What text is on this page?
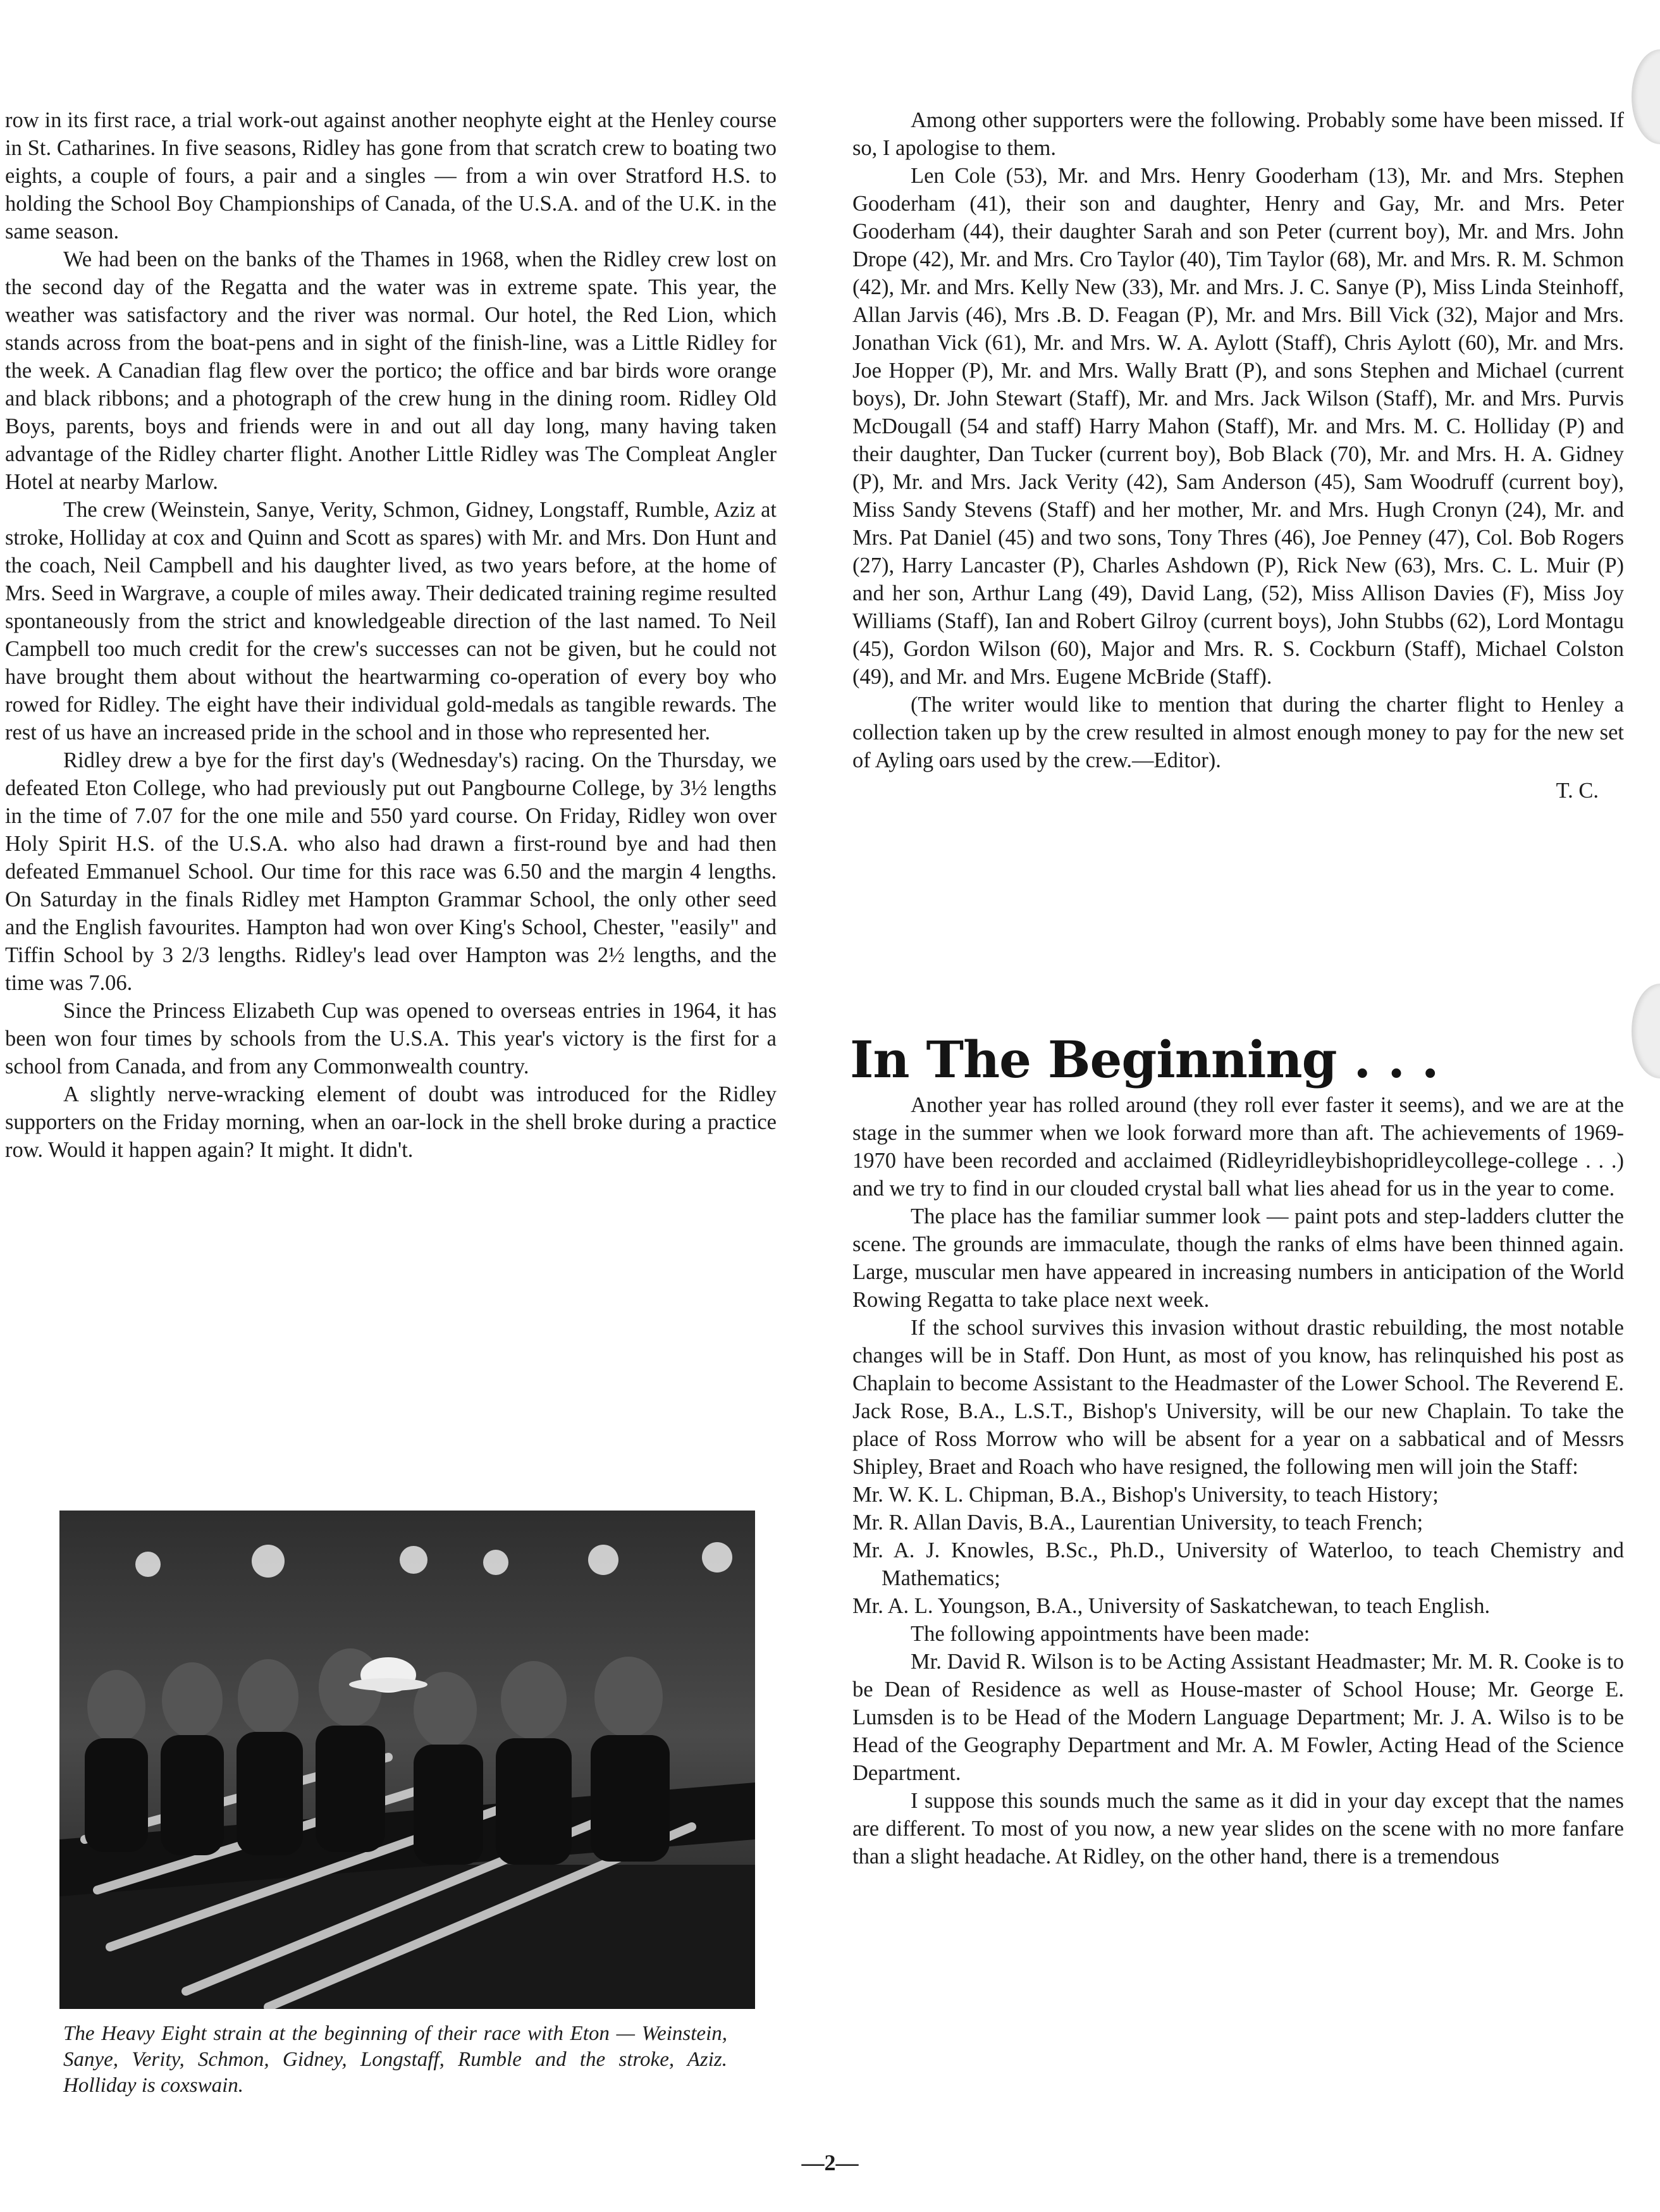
row in its first race, a trial work-out against another neophyte eight at the Henley course in St. Catharines. In five seasons, Ridley has gone from that scratch crew to boating two eights, a couple of fours, a pair and a singles — from a win over Stratford H.S. to holding the School Boy Championships of Canada, of the U.S.A. and of the U.K. in the same season.

We had been on the banks of the Thames in 1968, when the Ridley crew lost on the second day of the Regatta and the water was in extreme spate. This year, the weather was satisfactory and the river was normal. Our hotel, the Red Lion, which stands across from the boat-pens and in sight of the finish-line, was a Little Ridley for the week. A Canadian flag flew over the portico; the office and bar birds wore orange and black ribbons; and a photograph of the crew hung in the dining room. Ridley Old Boys, parents, boys and friends were in and out all day long, many having taken advantage of the Ridley charter flight. Another Little Ridley was The Compleat Angler Hotel at nearby Marlow.

The crew (Weinstein, Sanye, Verity, Schmon, Gidney, Longstaff, Rumble, Aziz at stroke, Holliday at cox and Quinn and Scott as spares) with Mr. and Mrs. Don Hunt and the coach, Neil Campbell and his daughter lived, as two years before, at the home of Mrs. Seed in Wargrave, a couple of miles away. Their dedicated training regime resulted spontaneously from the strict and knowledgeable direction of the last named. To Neil Campbell too much credit for the crew's successes can not be given, but he could not have brought them about without the heartwarming co-operation of every boy who rowed for Ridley. The eight have their individual gold-medals as tangible rewards. The rest of us have an increased pride in the school and in those who represented her.

Ridley drew a bye for the first day's (Wednesday's) racing. On the Thursday, we defeated Eton College, who had previously put out Pangbourne College, by 3½ lengths in the time of 7.07 for the one mile and 550 yard course. On Friday, Ridley won over Holy Spirit H.S. of the U.S.A. who also had drawn a first-round bye and had then defeated Emmanuel School. Our time for this race was 6.50 and the margin 4 lengths. On Saturday in the finals Ridley met Hampton Grammar School, the only other seed and the English favourites. Hampton had won over King's School, Chester, "easily" and Tiffin School by 3 2/3 lengths. Ridley's lead over Hampton was 2½ lengths, and the time was 7.06.

Since the Princess Elizabeth Cup was opened to overseas entries in 1964, it has been won four times by schools from the U.S.A. This year's victory is the first for a school from Canada, and from any Commonwealth country.

A slightly nerve-wracking element of doubt was introduced for the Ridley supporters on the Friday morning, when an oar-lock in the shell broke during a practice row. Would it happen again? It might. It didn't.

The Heavy Eight strain at the beginning of their race with Eton — Weinstein, Sanye, Verity, Schmon, Gidney, Longstaff, Rumble and the stroke, Aziz. Holliday is coxswain.

Among other supporters were the following. Probably some have been missed. If so, I apologise to them.

Len Cole (53), Mr. and Mrs. Henry Gooderham (13), Mr. and Mrs. Stephen Gooderham (41), their son and daughter, Henry and Gay, Mr. and Mrs. Peter Gooderham (44), their daughter Sarah and son Peter (current boy), Mr. and Mrs. John Drope (42), Mr. and Mrs. Cro Taylor (40), Tim Taylor (68), Mr. and Mrs. R. M. Schmon (42), Mr. and Mrs. Kelly New (33), Mr. and Mrs. J. C. Sanye (P), Miss Linda Steinhoff, Allan Jarvis (46), Mrs .B. D. Feagan (P), Mr. and Mrs. Bill Vick (32), Major and Mrs. Jonathan Vick (61), Mr. and Mrs. W. A. Aylott (Staff), Chris Aylott (60), Mr. and Mrs. Joe Hopper (P), Mr. and Mrs. Wally Bratt (P), and sons Stephen and Michael (current boys), Dr. John Stewart (Staff), Mr. and Mrs. Jack Wilson (Staff), Mr. and Mrs. Purvis McDougall (54 and staff) Harry Mahon (Staff), Mr. and Mrs. M. C. Holliday (P) and their daughter, Dan Tucker (current boy), Bob Black (70), Mr. and Mrs. H. A. Gidney (P), Mr. and Mrs. Jack Verity (42), Sam Anderson (45), Sam Woodruff (current boy), Miss Sandy Stevens (Staff) and her mother, Mr. and Mrs. Hugh Cronyn (24), Mr. and Mrs. Pat Daniel (45) and two sons, Tony Thres (46), Joe Penney (47), Col. Bob Rogers (27), Harry Lancaster (P), Charles Ashdown (P), Rick New (63), Mrs. C. L. Muir (P) and her son, Arthur Lang (49), David Lang, (52), Miss Allison Davies (F), Miss Joy Williams (Staff), Ian and Robert Gilroy (current boys), John Stubbs (62), Lord Montagu (45), Gordon Wilson (60), Major and Mrs. R. S. Cockburn (Staff), Michael Colston (49), and Mr. and Mrs. Eugene McBride (Staff).

(The writer would like to mention that during the charter flight to Henley a collection taken up by the crew resulted in almost enough money to pay for the new set of Ayling oars used by the crew.—Editor).

T. C.
In The Beginning . . .

Another year has rolled around (they roll ever faster it seems), and we are at the stage in the summer when we look forward more than aft. The achievements of 1969-1970 have been recorded and acclaimed (Ridleyridleybishopridleycollege-college . . .) and we try to find in our clouded crystal ball what lies ahead for us in the year to come.

The place has the familiar summer look — paint pots and step-ladders clutter the scene. The grounds are immaculate, though the ranks of elms have been thinned again. Large, muscular men have appeared in increasing numbers in anticipation of the World Rowing Regatta to take place next week.

If the school survives this invasion without drastic rebuilding, the most notable changes will be in Staff. Don Hunt, as most of you know, has relinquished his post as Chaplain to become Assistant to the Headmaster of the Lower School. The Reverend E. Jack Rose, B.A., L.S.T., Bishop's University, will be our new Chaplain. To take the place of Ross Morrow who will be absent for a year on a sabbatical and of Messrs Shipley, Braet and Roach who have resigned, the following men will join the Staff:

Mr. W. K. L. Chipman, B.A., Bishop's University, to teach History;

Mr. R. Allan Davis, B.A., Laurentian University, to teach French;

Mr. A. J. Knowles, B.Sc., Ph.D., University of Waterloo, to teach Chemistry and Mathematics;

Mr. A. L. Youngson, B.A., University of Saskatchewan, to teach English.

The following appointments have been made:

Mr. David R. Wilson is to be Acting Assistant Headmaster; Mr. M. R. Cooke is to be Dean of Residence as well as House-master of School House; Mr. George E. Lumsden is to be Head of the Modern Language Department; Mr. J. A. Wilso is to be Head of the Geography Department and Mr. A. M Fowler, Acting Head of the Science Department.

I suppose this sounds much the same as it did in your day except that the names are different. To most of you now, a new year slides on the scene with no more fanfare than a slight headache. At Ridley, on the other hand, there is a tremendous

—2—
